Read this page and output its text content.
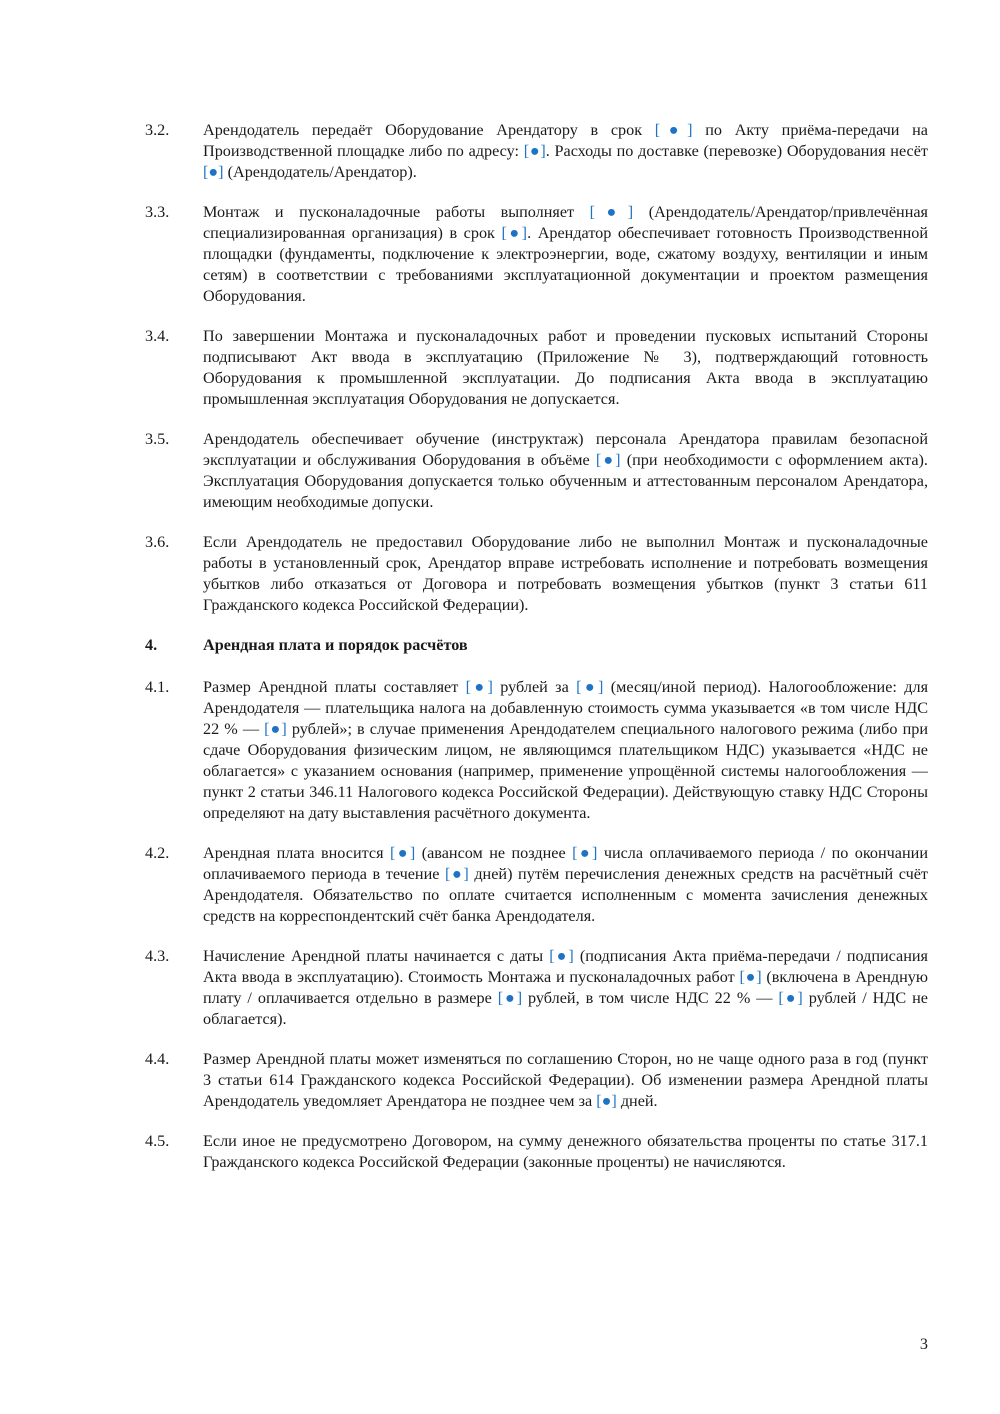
3.2.	Арендодатель передаёт Оборудование Арендатору в срок [●] по Акту приёма-передачи на Производственной площадке либо по адресу: [●]. Расходы по доставке (перевозке) Оборудования несёт [●] (Арендодатель/Арендатор).
3.3.	Монтаж и пусконаладочные работы выполняет [●] (Арендодатель/Арендатор/привлечённая специализированная организация) в срок [●]. Арендатор обеспечивает готовность Производственной площадки (фундаменты, подключение к электроэнергии, воде, сжатому воздуху, вентиляции и иным сетям) в соответствии с требованиями эксплуатационной документации и проектом размещения Оборудования.
3.4.	По завершении Монтажа и пусконаладочных работ и проведении пусковых испытаний Стороны подписывают Акт ввода в эксплуатацию (Приложение № 3), подтверждающий готовность Оборудования к промышленной эксплуатации. До подписания Акта ввода в эксплуатацию промышленная эксплуатация Оборудования не допускается.
3.5.	Арендодатель обеспечивает обучение (инструктаж) персонала Арендатора правилам безопасной эксплуатации и обслуживания Оборудования в объёме [●] (при необходимости с оформлением акта). Эксплуатация Оборудования допускается только обученным и аттестованным персоналом Арендатора, имеющим необходимые допуски.
3.6.	Если Арендодатель не предоставил Оборудование либо не выполнил Монтаж и пусконаладочные работы в установленный срок, Арендатор вправе истребовать исполнение и потребовать возмещения убытков либо отказаться от Договора и потребовать возмещения убытков (пункт 3 статьи 611 Гражданского кодекса Российской Федерации).
4.	Арендная плата и порядок расчётов
4.1.	Размер Арендной платы составляет [●] рублей за [●] (месяц/иной период). Налогообложение: для Арендодателя — плательщика налога на добавленную стоимость сумма указывается «в том числе НДС 22 % — [●] рублей»; в случае применения Арендодателем специального налогового режима (либо при сдаче Оборудования физическим лицом, не являющимся плательщиком НДС) указывается «НДС не облагается» с указанием основания (например, применение упрощённой системы налогообложения — пункт 2 статьи 346.11 Налогового кодекса Российской Федерации). Действующую ставку НДС Стороны определяют на дату выставления расчётного документа.
4.2.	Арендная плата вносится [●] (авансом не позднее [●] числа оплачиваемого периода / по окончании оплачиваемого периода в течение [●] дней) путём перечисления денежных средств на расчётный счёт Арендодателя. Обязательство по оплате считается исполненным с момента зачисления денежных средств на корреспондентский счёт банка Арендодателя.
4.3.	Начисление Арендной платы начинается с даты [●] (подписания Акта приёма-передачи / подписания Акта ввода в эксплуатацию). Стоимость Монтажа и пусконаладочных работ [●] (включена в Арендную плату / оплачивается отдельно в размере [●] рублей, в том числе НДС 22 % — [●] рублей / НДС не облагается).
4.4.	Размер Арендной платы может изменяться по соглашению Сторон, но не чаще одного раза в год (пункт 3 статьи 614 Гражданского кодекса Российской Федерации). Об изменении размера Арендной платы Арендодатель уведомляет Арендатора не позднее чем за [●] дней.
4.5.	Если иное не предусмотрено Договором, на сумму денежного обязательства проценты по статье 317.1 Гражданского кодекса Российской Федерации (законные проценты) не начисляются.
3
